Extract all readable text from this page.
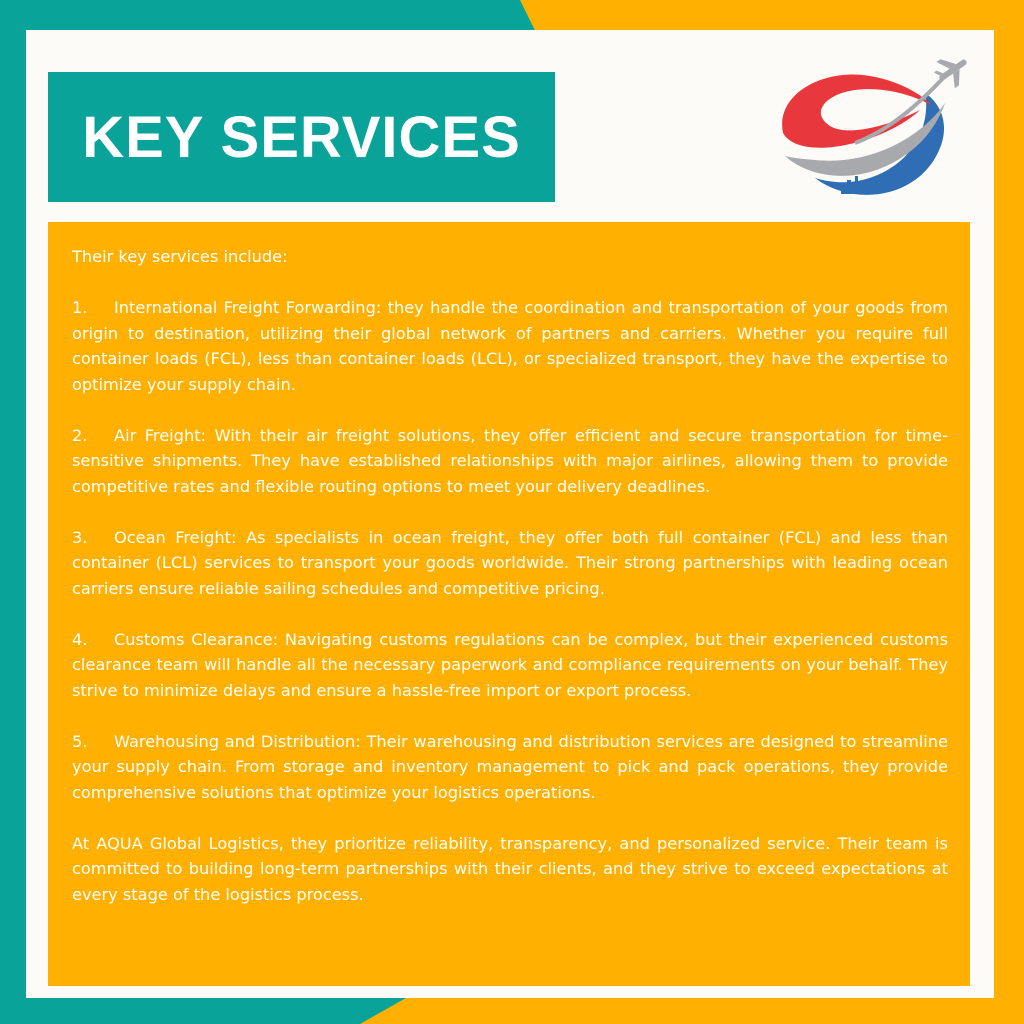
KEY SERVICES

Their key services include:

1. International Freight Forwarding: they handle the coordination and transportation of your goods from origin to destination, utilizing their global network of partners and carriers. Whether you require full container loads (FCL), less than container loads (LCL), or specialized transport, they have the expertise to optimize your supply chain.

2. Air Freight: With their air freight solutions, they offer efficient and secure transportation for time-sensitive shipments. They have established relationships with major airlines, allowing them to provide competitive rates and flexible routing options to meet your delivery deadlines.

3. Ocean Freight: As specialists in ocean freight, they offer both full container (FCL) and less than container (LCL) services to transport your goods worldwide. Their strong partnerships with leading ocean carriers ensure reliable sailing schedules and competitive pricing.

4. Customs Clearance: Navigating customs regulations can be complex, but their experienced customs clearance team will handle all the necessary paperwork and compliance requirements on your behalf. They strive to minimize delays and ensure a hassle-free import or export process.

5. Warehousing and Distribution: Their warehousing and distribution services are designed to streamline your supply chain. From storage and inventory management to pick and pack operations, they provide comprehensive solutions that optimize your logistics operations.

At AQUA Global Logistics, they prioritize reliability, transparency, and personalized service. Their team is committed to building long-term partnerships with their clients, and they strive to exceed expectations at every stage of the logistics process.
